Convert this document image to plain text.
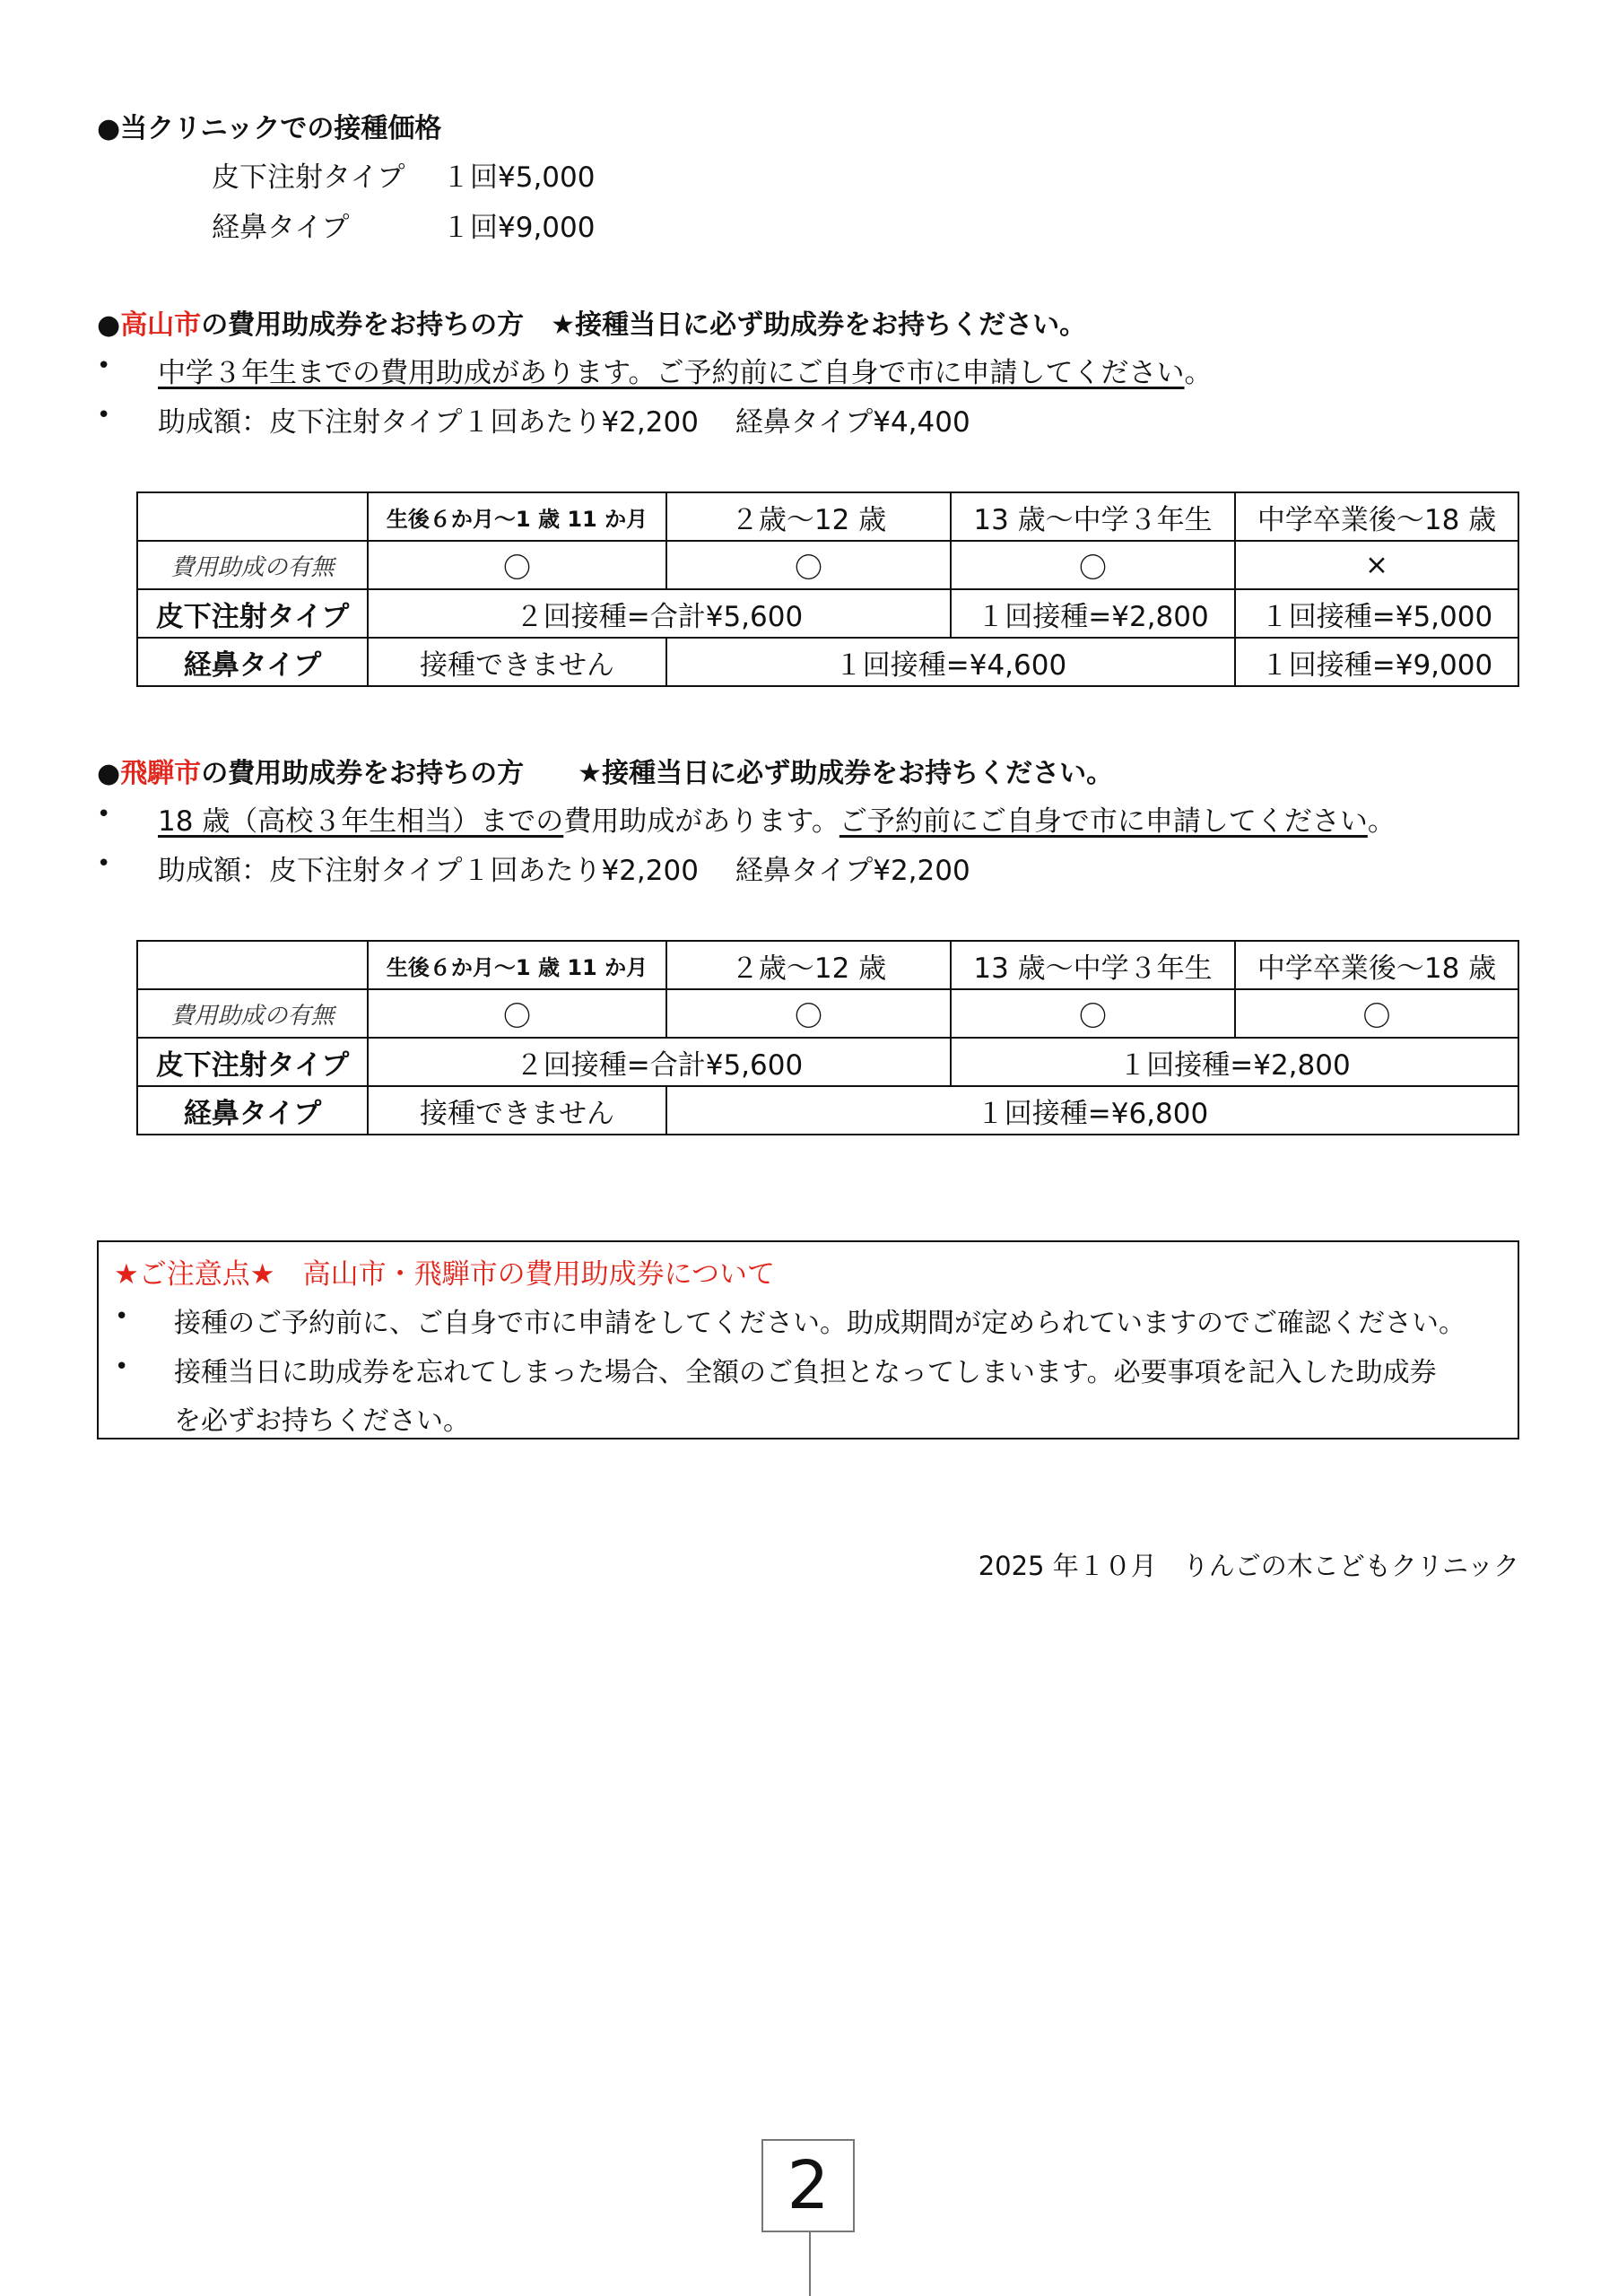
●当クリニックでの接種価格
皮下注射タイプ １回¥5,000
経鼻タイプ	１回¥9,000
●高山市の費用助成券をお持ちの方　★接種当日に必ず助成券をお持ちください。
• 中学３年生までの費用助成があります。ご予約前にご自身で市に申請してください。
• 助成額：皮下注射タイプ１回あたり¥2,200　 経鼻タイプ¥4,400
	生後６か月〜1 歳 11 か月	２歳〜12 歳	13 歳〜中学３年生	中学卒業後〜18 歳
費用助成の有無	〇	〇	〇	×
皮下注射タイプ	２回接種=合計¥5,600		１回接種=¥2,800	１回接種=¥5,000
経鼻タイプ	接種できません	１回接種=¥4,600		１回接種=¥9,000
●飛騨市の費用助成券をお持ちの方　　★接種当日に必ず助成券をお持ちください。
• 18 歳（高校３年生相当）までの費用助成があります。ご予約前にご自身で市に申請してください。
• 助成額：皮下注射タイプ１回あたり¥2,200　 経鼻タイプ¥2,200
	生後６か月〜1 歳 11 か月	２歳〜12 歳	13 歳〜中学３年生	中学卒業後〜18 歳
費用助成の有無	〇	〇	〇	〇
皮下注射タイプ	２回接種=合計¥5,600		１回接種=¥2,800	
経鼻タイプ	接種できません	１回接種=¥6,800		
★ご注意点★　高山市・飛騨市の費用助成券について
• 接種のご予約前に、ご自身で市に申請をしてください。助成期間が定められていますのでご確認ください。
• 接種当日に助成券を忘れてしまった場合、全額のご負担となってしまいます。必要事項を記入した助成券
を必ずお持ちください。
2025 年１０月　りんごの木こどもクリニック
2
